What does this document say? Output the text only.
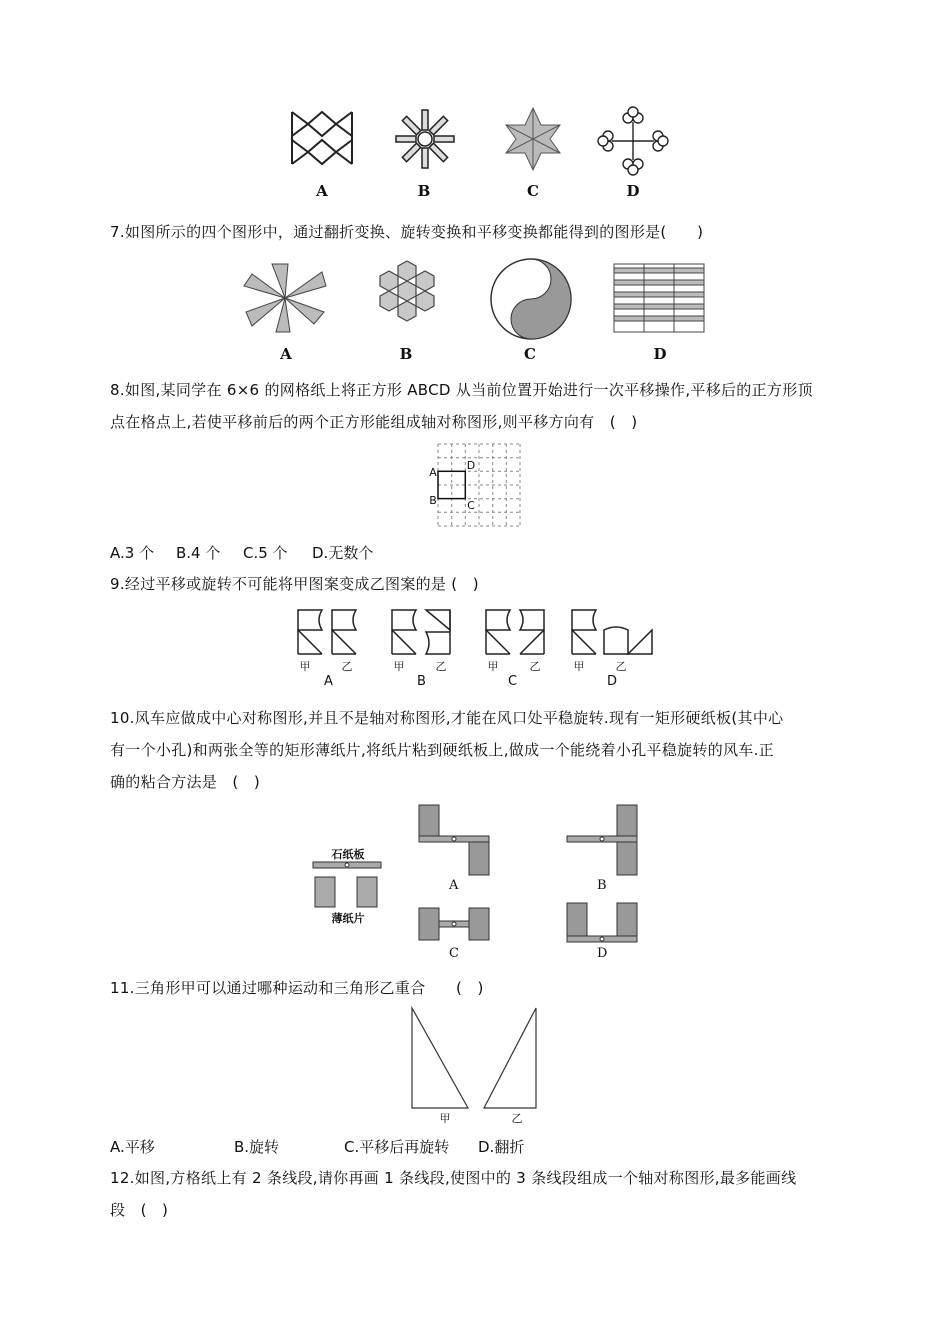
A	B	C	D
7.如图所示的四个图形中，通过翻折变换、旋转变换和平移变换都能得到的图形是(　　)
A	B	C	D
8.如图,某同学在 6×6 的网格纸上将正方形 ABCD 从当前位置开始进行一次平移操作,平移后的正方形顶
点在格点上,若使平移前后的两个正方形能组成轴对称图形,则平移方向有　(　)
A
D
B	C
A.3 个 B.4 个 C.5 个 D.无数个
9.经过平移或旋转不可能将甲图案变成乙图案的是 (　)
甲	乙	甲	乙	甲	乙	甲	乙
A	B	C	D
10.风车应做成中心对称图形,并且不是轴对称图形,才能在风口处平稳旋转.现有一矩形硬纸板(其中心
有一个小孔)和两张全等的矩形薄纸片,将纸片粘到硬纸板上,做成一个能绕着小孔平稳旋转的风车.正
确的粘合方法是　(　)
石纸板
薄纸片
A	B
C	D
11.三角形甲可以通过哪种运动和三角形乙重合　　(　)
甲	乙
A.平移	B.旋转	C.平移后再旋转 D.翻折
12.如图,方格纸上有 2 条线段,请你再画 1 条线段,使图中的 3 条线段组成一个轴对称图形,最多能画线
段　(　)
